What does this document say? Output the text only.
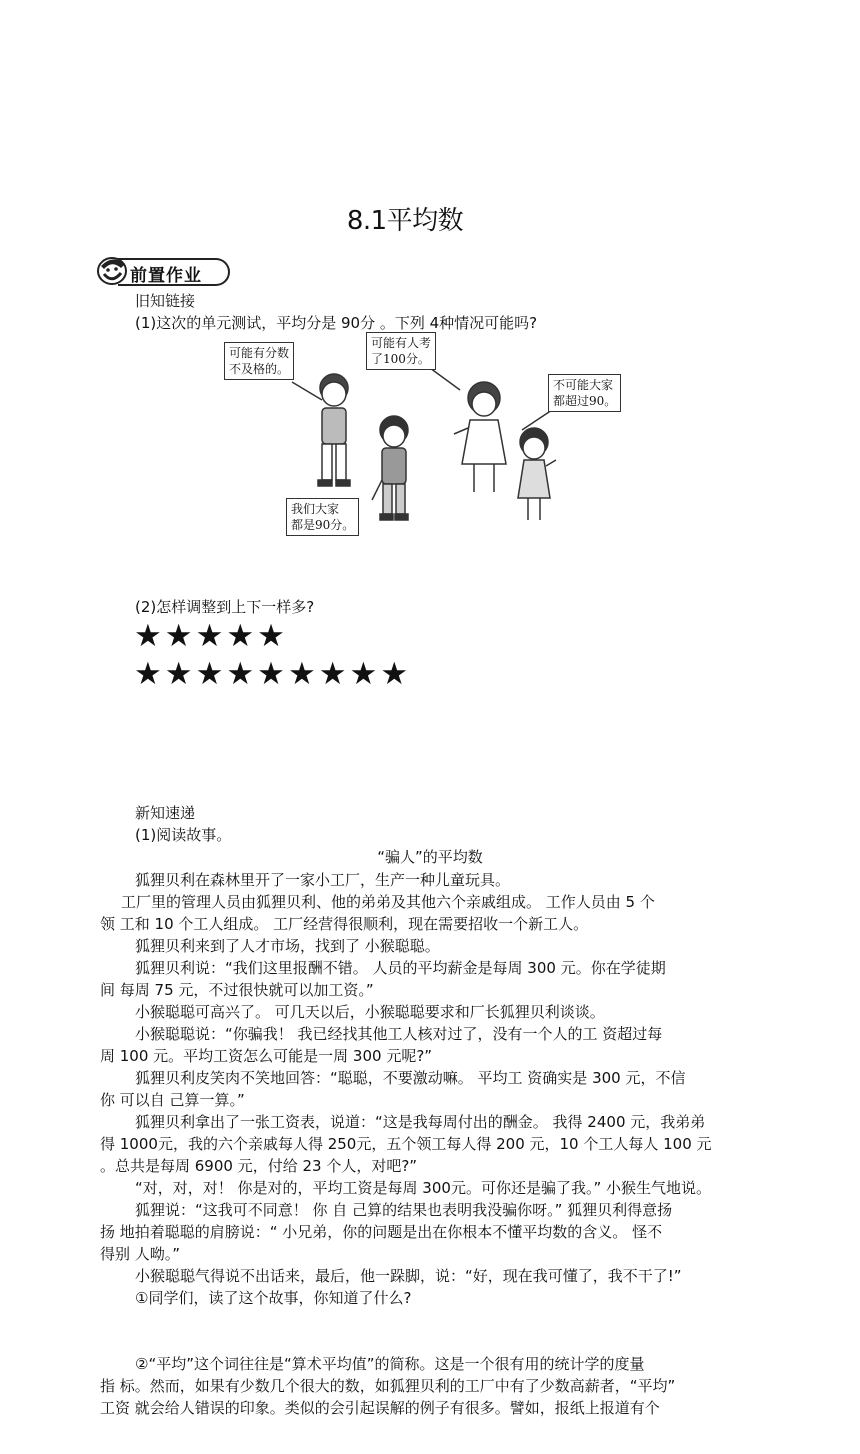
8.1平均数
前置作业
旧知链接
(1)这次的单元测试，平均分是 90分 。下列 4种情况可能吗?
可能有分数
不及格的。
可能有人考
了100分。
不可能大家
都超过90。
我们大家
都是90分。
(2)怎样调整到上下一样多?
★★★★★
★★★★★★★★★
新知速递
(1)阅读故事。
“骗人”的平均数
狐狸贝利在森林里开了一家小工厂，生产一种儿童玩具。
工厂里的管理人员由狐狸贝利、他的弟弟及其他六个亲戚组成。 工作人员由 5 个
领 工和 10 个工人组成。 工厂经营得很顺利，现在需要招收一个新工人。
狐狸贝利来到了人才市场，找到了 小猴聪聪。
狐狸贝利说：“我们这里报酬不错。 人员的平均薪金是每周 300 元。你在学徒期
间 每周 75 元，不过很快就可以加工资。”
小猴聪聪可高兴了。 可几天以后，小猴聪聪要求和厂长狐狸贝利谈谈。
小猴聪聪说：“你骗我！ 我已经找其他工人核对过了，没有一个人的工 资超过每
周 100 元。平均工资怎么可能是一周 300 元呢?”
狐狸贝利皮笑肉不笑地回答：“聪聪，不要激动嘛。 平均工 资确实是 300 元，不信
你 可以自 己算一算。”
狐狸贝利拿出了一张工资表，说道：“这是我每周付出的酬金。 我得 2400 元，我弟弟
得 1000元，我的六个亲戚每人得 250元，五个领工每人得 200 元，10 个工人每人 100 元
。总共是每周 6900 元，付给 23 个人，对吧?”
“对，对，对！ 你是对的，平均工资是每周 300元。可你还是骗了我。” 小猴生气地说。
狐狸说：“这我可不同意！ 你 自 己算的结果也表明我没骗你呀。” 狐狸贝利得意扬
扬 地拍着聪聪的肩膀说：“ 小兄弟，你的问题是出在你根本不懂平均数的含义。 怪不
得别 人呦。”
小猴聪聪气得说不出话来，最后，他一跺脚，说：“好，现在我可懂了，我不干了!”
①同学们，读了这个故事，你知道了什么?
②“平均”这个词往往是“算术平均值”的简称。这是一个很有用的统计学的度量
指 标。然而，如果有少数几个很大的数，如狐狸贝利的工厂中有了少数高薪者，“平均”
工资 就会给人错误的印象。类似的会引起误解的例子有很多。譬如，报纸上报道有个
